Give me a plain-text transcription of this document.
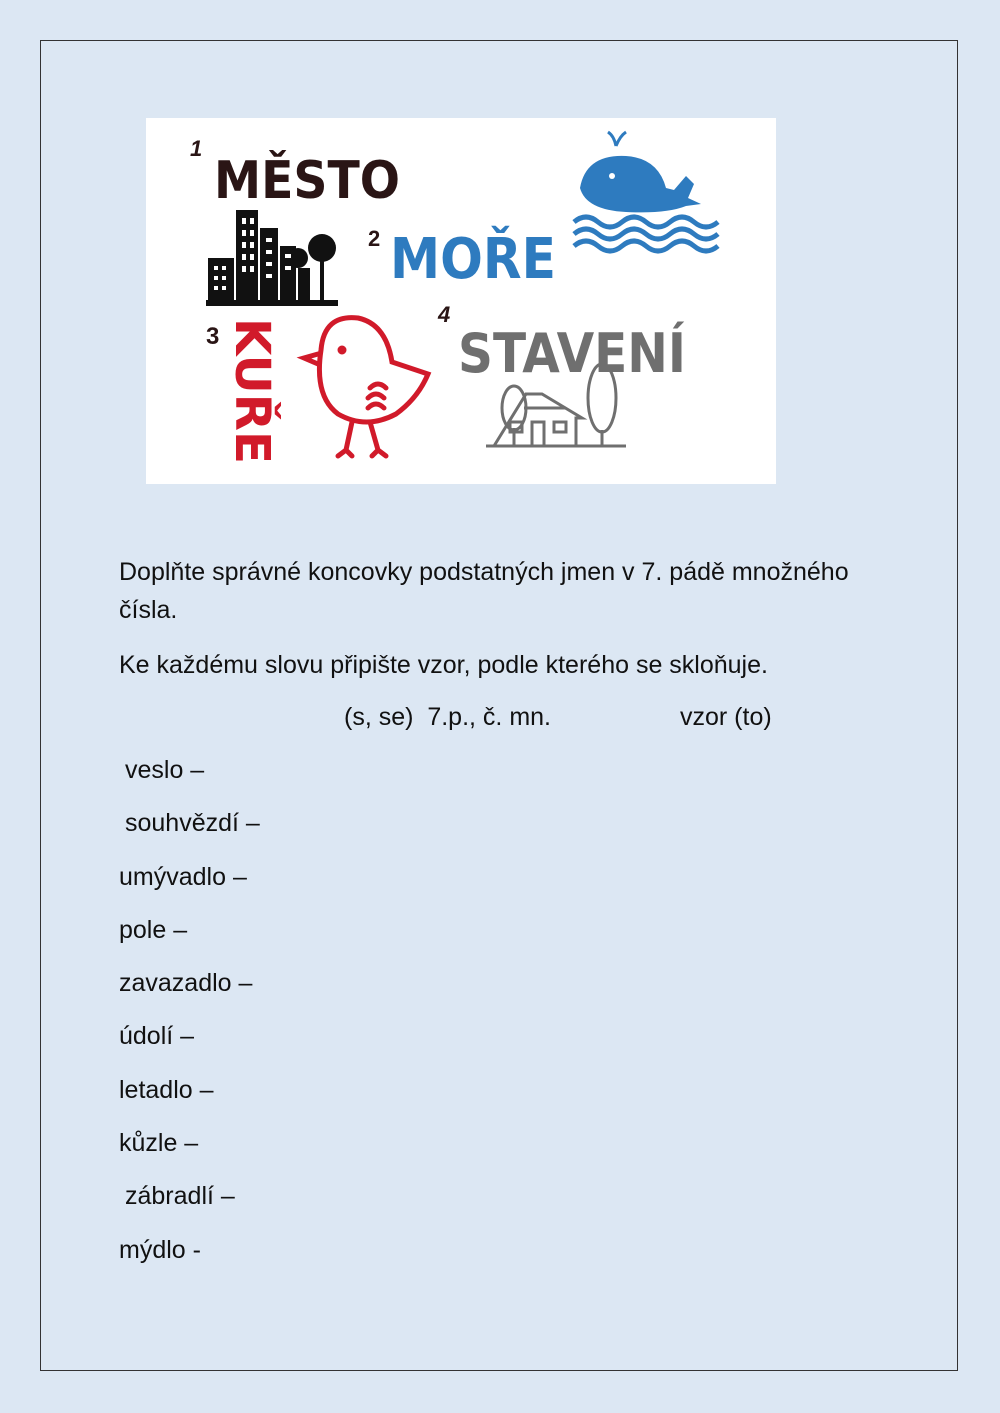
1
MĚSTO
2 MOŘE
3 KUŘE
4
STAVENÍ
Doplňte správné koncovky podstatných jmen v 7. pádě množného čísla.
Ke každému slovu připište vzor, podle kterého se skloňuje.
(s, se)  7.p., č. mn.	vzor (to)
veslo –
souhvězdí –
umývadlo –
pole –
zavazadlo –
údolí –
letadlo –
kůzle –
zábradlí –
mýdlo -
